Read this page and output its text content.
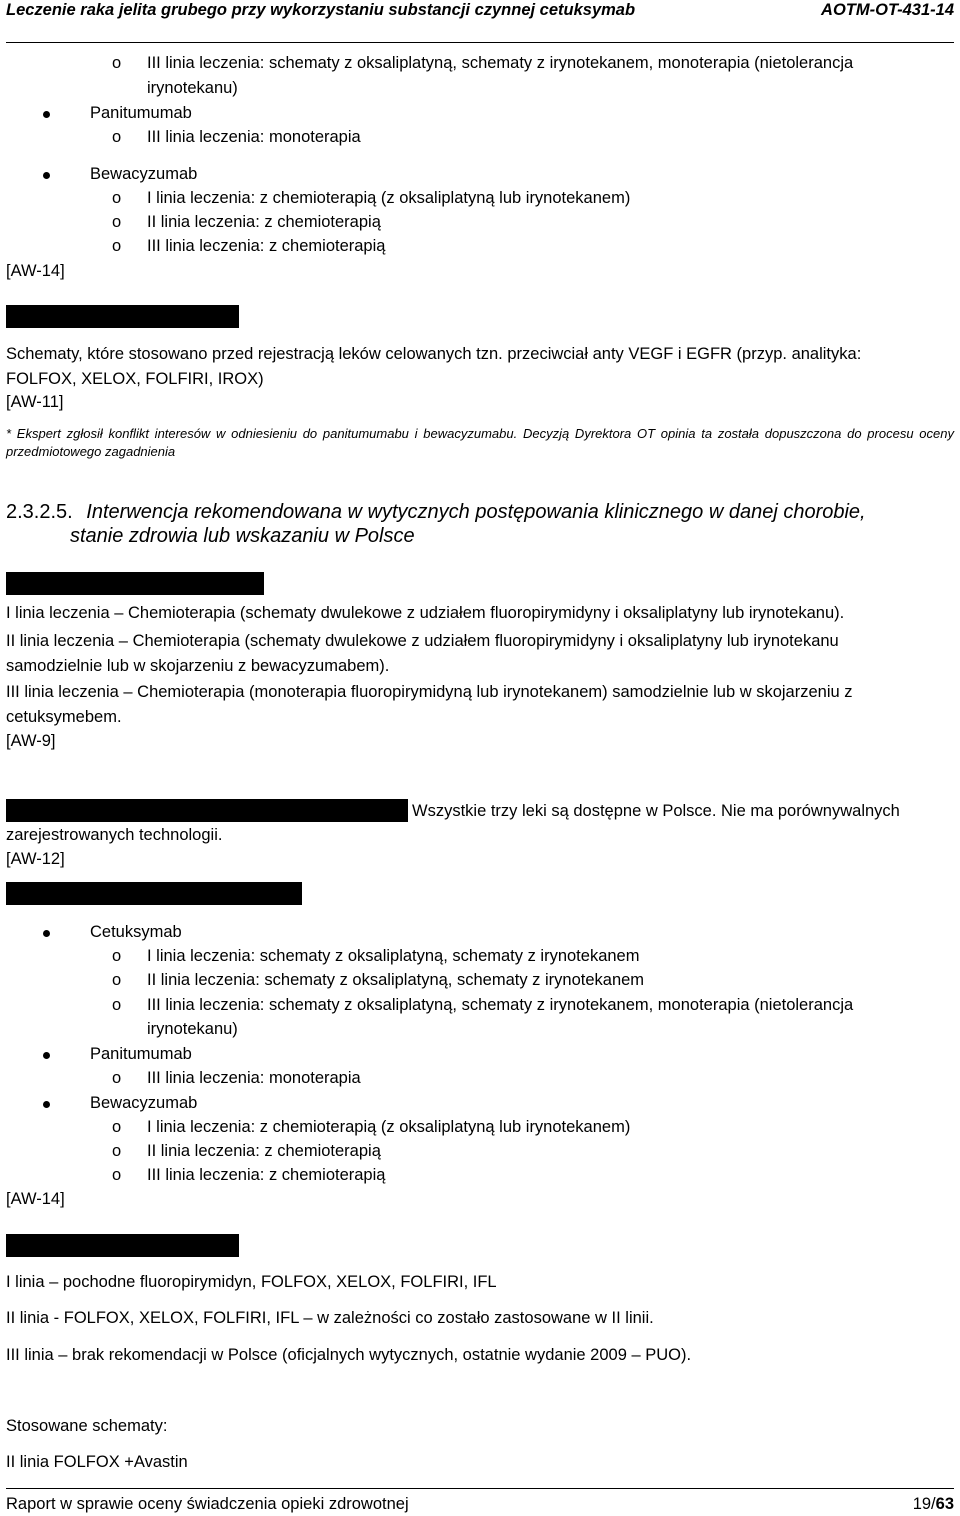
Leczenie raka jelita grubego przy wykorzystaniu substancji czynnej cetuksymab	AOTM-OT-431-14
o III linia leczenia: schematy z oksaliplatyną, schematy z irynotekanem, monoterapia (nietolerancja
irynotekanu)
Panitumumab
o III linia leczenia: monoterapia
Bewacyzumab
o I linia leczenia: z chemioterapią (z oksaliplatyną lub irynotekanem)
o II linia leczenia: z chemioterapią
o III linia leczenia: z chemioterapią
[AW-14]
Schematy, które stosowano przed rejestracją leków celowanych tzn. przeciwciał anty VEGF i EGFR (przyp. analityka:
FOLFOX, XELOX, FOLFIRI, IROX)
[AW-11]
* Ekspert zgłosił konflikt interesów w odniesieniu do panitumumabu i bewacyzumabu. Decyzją Dyrektora OT opinia ta została dopuszczona do procesu oceny przedmiotowego zagadnienia
2.3.2.5. Interwencja rekomendowana w wytycznych postępowania klinicznego w danej chorobie,
stanie zdrowia lub wskazaniu w Polsce
I linia leczenia – Chemioterapia (schematy dwulekowe z udziałem fluoropirymidyny i oksaliplatyny lub irynotekanu).
II linia leczenia – Chemioterapia (schematy dwulekowe z udziałem fluoropirymidyny i oksaliplatyny lub irynotekanu
samodzielnie lub w skojarzeniu z bewacyzumabem).
III linia leczenia – Chemioterapia (monoterapia fluoropirymidyną lub irynotekanem) samodzielnie lub w skojarzeniu z
cetuksymebem.
[AW-9]
Wszystkie trzy leki są dostępne w Polsce. Nie ma porównywalnych
zarejestrowanych technologii.
[AW-12]
Cetuksymab
o I linia leczenia: schematy z oksaliplatyną, schematy z irynotekanem
o II linia leczenia: schematy z oksaliplatyną, schematy z irynotekanem
o III linia leczenia: schematy z oksaliplatyną, schematy z irynotekanem, monoterapia (nietolerancja
irynotekanu)
Panitumumab
o III linia leczenia: monoterapia
Bewacyzumab
o I linia leczenia: z chemioterapią (z oksaliplatyną lub irynotekanem)
o II linia leczenia: z chemioterapią
o III linia leczenia: z chemioterapią
[AW-14]
I linia – pochodne fluoropirymidyn, FOLFOX, XELOX, FOLFIRI, IFL
II linia - FOLFOX, XELOX, FOLFIRI, IFL – w zależności co zostało zastosowane w II linii.
III linia – brak rekomendacji w Polsce (oficjalnych wytycznych, ostatnie wydanie 2009 – PUO).
Stosowane schematy:
II linia FOLFOX +Avastin
Raport w sprawie oceny świadczenia opieki zdrowotnej	19/63
